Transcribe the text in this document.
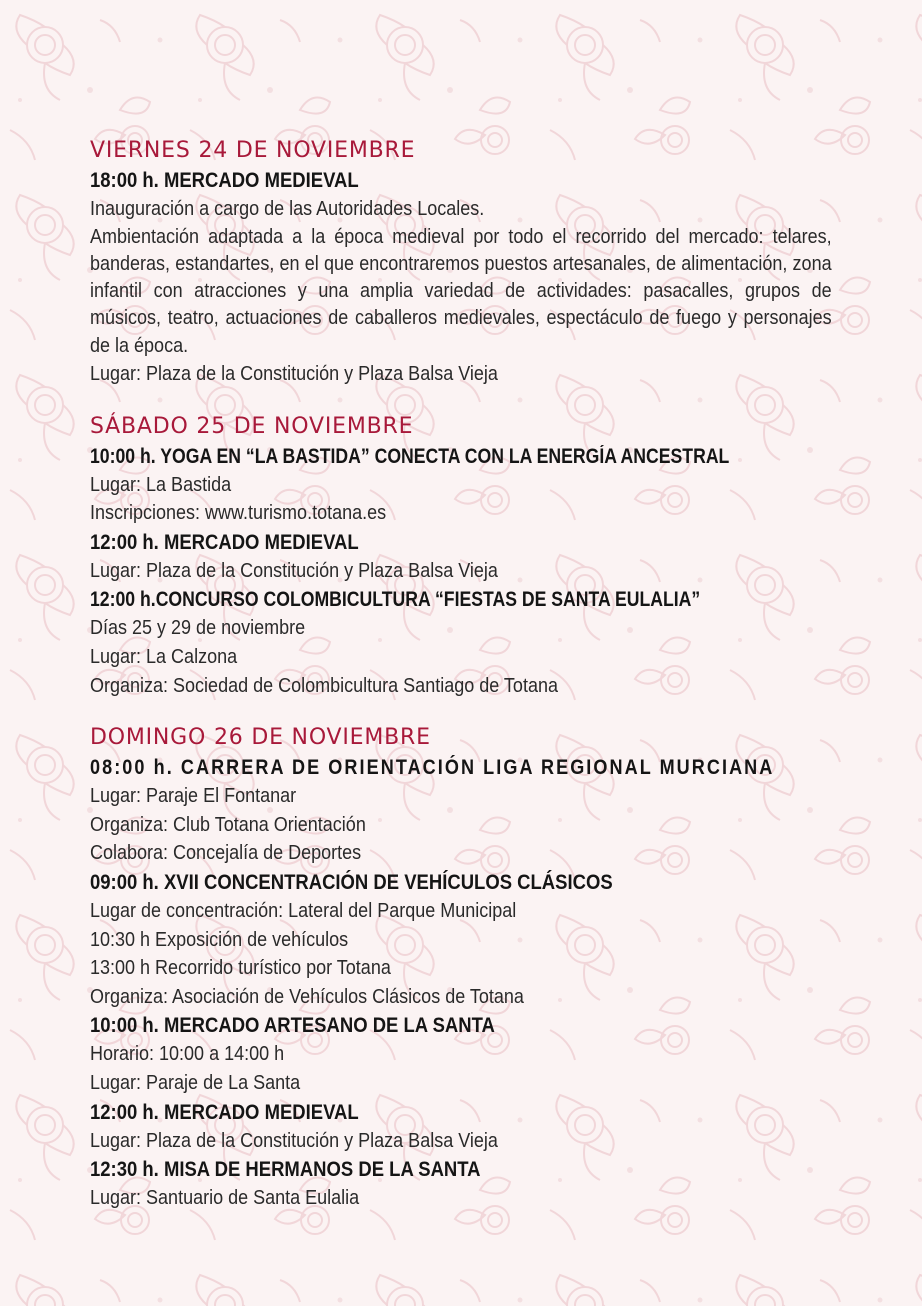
VIERNES 24 DE NOVIEMBRE
18:00 h. MERCADO MEDIEVAL
Inauguración a cargo de las Autoridades Locales.
Ambientación adaptada a la época medieval por todo el recorrido del mercado: telares, banderas, estandartes, en el que encontraremos puestos artesanales, de alimentación, zona infantil con atracciones y una amplia variedad de actividades: pasacalles, grupos de músicos, teatro, actuaciones de caballeros medievales, espectáculo de fuego y personajes de la época.
Lugar: Plaza de la Constitución y Plaza Balsa Vieja
SÁBADO 25 DE NOVIEMBRE
10:00 h. YOGA EN “LA BASTIDA” CONECTA CON LA ENERGÍA ANCESTRAL
Lugar: La Bastida
Inscripciones: www.turismo.totana.es
12:00 h. MERCADO MEDIEVAL
Lugar: Plaza de la Constitución y Plaza Balsa Vieja
12:00 h.CONCURSO COLOMBICULTURA “FIESTAS DE SANTA EULALIA”
Días 25 y 29 de noviembre
Lugar: La Calzona
Organiza: Sociedad de Colombicultura Santiago de Totana
DOMINGO 26 DE NOVIEMBRE
08:00 h. CARRERA DE ORIENTACIÓN LIGA REGIONAL MURCIANA
Lugar: Paraje El Fontanar
Organiza: Club Totana Orientación
Colabora: Concejalía de Deportes
09:00 h. XVII CONCENTRACIÓN DE VEHÍCULOS CLÁSICOS
Lugar de concentración: Lateral del Parque Municipal
10:30 h Exposición de vehículos
13:00 h Recorrido turístico por Totana
Organiza: Asociación de Vehículos Clásicos de Totana
10:00 h. MERCADO ARTESANO DE LA SANTA
Horario: 10:00 a 14:00 h
Lugar: Paraje de La Santa
12:00 h. MERCADO MEDIEVAL
Lugar: Plaza de la Constitución y Plaza Balsa Vieja
12:30 h. MISA DE HERMANOS DE LA SANTA
Lugar: Santuario de Santa Eulalia
